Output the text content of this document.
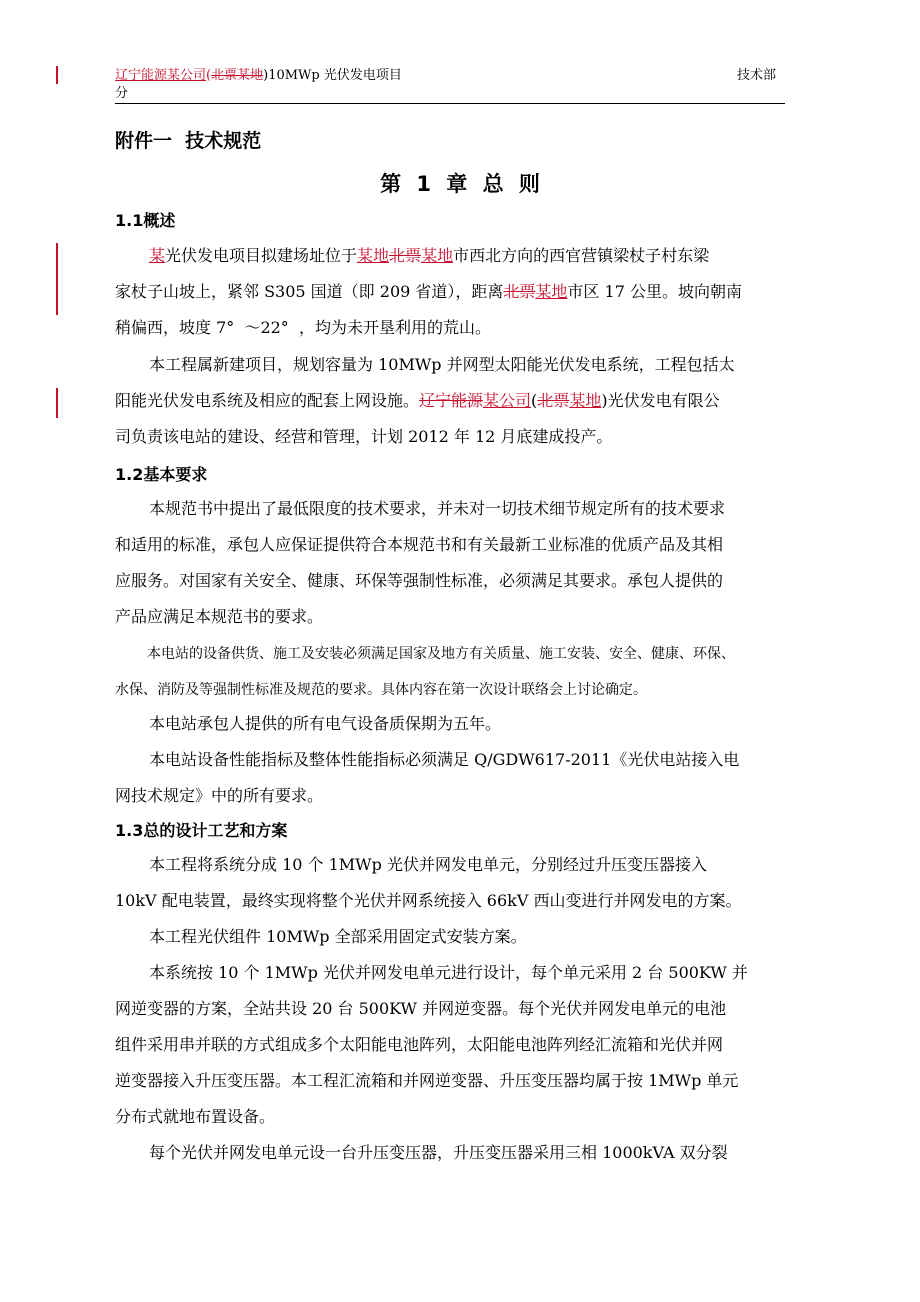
辽宁能源某公司(北票某地)10MWp 光伏发电项目
分
技术部
附件一  技术规范
第 1 章 总 则
1.1概述
某光伏发电项目拟建场址位于某地北票某地市西北方向的西官营镇梁杖子村东梁
家杖子山坡上，紧邻 S305 国道（即 209 省道），距离北票某地市区 17 公里。坡向朝南
稍偏西，坡度 7°  ～22°  ，均为未开垦利用的荒山。
本工程属新建项目，规划容量为 10MWp 并网型太阳能光伏发电系统，工程包括太
阳能光伏发电系统及相应的配套上网设施。辽宁能源某公司(北票某地)光伏发电有限公
司负责该电站的建设、经营和管理，计划 2012 年 12 月底建成投产。
1.2基本要求
本规范书中提出了最低限度的技术要求，并未对一切技术细节规定所有的技术要求
和适用的标准，承包人应保证提供符合本规范书和有关最新工业标准的优质产品及其相
应服务。对国家有关安全、健康、环保等强制性标准，必须满足其要求。承包人提供的
产品应满足本规范书的要求。
本电站的设备供货、施工及安装必须满足国家及地方有关质量、施工安装、安全、健康、环保、
水保、消防及等强制性标准及规范的要求。具体内容在第一次设计联络会上讨论确定。
本电站承包人提供的所有电气设备质保期为五年。
本电站设备性能指标及整体性能指标必须满足 Q/GDW617-2011《光伏电站接入电
网技术规定》中的所有要求。
1.3总的设计工艺和方案
本工程将系统分成 10 个 1MWp 光伏并网发电单元，分别经过升压变压器接入
10kV 配电装置，最终实现将整个光伏并网系统接入 66kV 西山变进行并网发电的方案。
本工程光伏组件 10MWp 全部采用固定式安装方案。
本系统按 10 个 1MWp 光伏并网发电单元进行设计，每个单元采用 2 台 500KW 并
网逆变器的方案，全站共设 20 台 500KW 并网逆变器。每个光伏并网发电单元的电池
组件采用串并联的方式组成多个太阳能电池阵列，太阳能电池阵列经汇流箱和光伏并网
逆变器接入升压变压器。本工程汇流箱和并网逆变器、升压变压器均属于按 1MWp 单元
分布式就地布置设备。
每个光伏并网发电单元设一台升压变压器，升压变压器采用三相 1000kVA 双分裂
